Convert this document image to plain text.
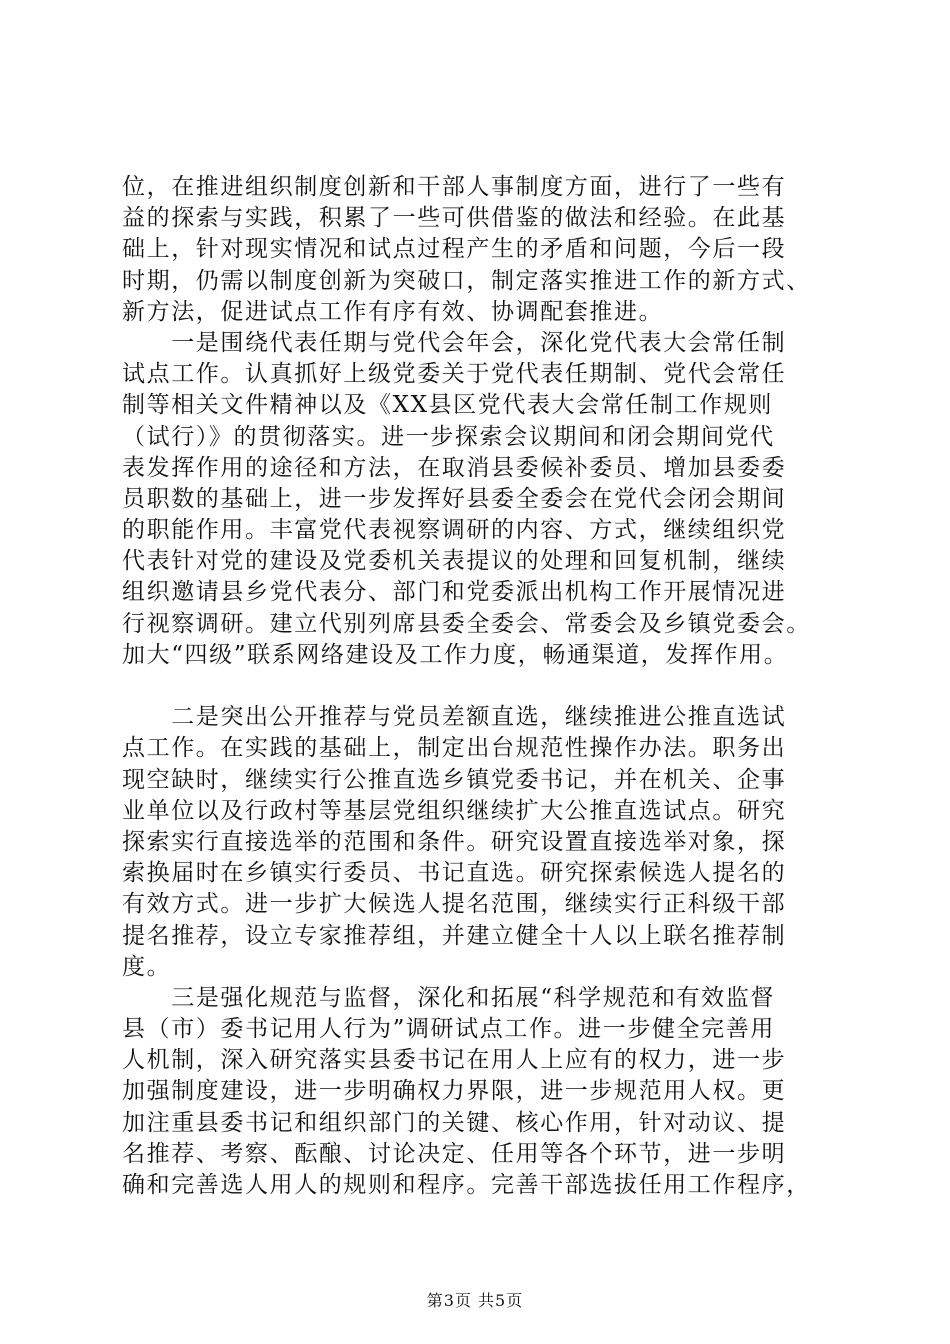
位，在推进组织制度创新和干部人事制度方面，进行了一些有
益的探索与实践，积累了一些可供借鉴的做法和经验。在此基
础上，针对现实情况和试点过程产生的矛盾和问题，今后一段
时期，仍需以制度创新为突破口，制定落实推进工作的新方式、
新方法，促进试点工作有序有效、协调配套推进。
　　一是围绕代表任期与党代会年会，深化党代表大会常任制
试点工作。认真抓好上级党委关于党代表任期制、党代会常任
制等相关文件精神以及《XX县区党代表大会常任制工作规则
（试行）》的贯彻落实。进一步探索会议期间和闭会期间党代
表发挥作用的途径和方法，在取消县委候补委员、增加县委委
员职数的基础上，进一步发挥好县委全委会在党代会闭会期间
的职能作用。丰富党代表视察调研的内容、方式，继续组织党
代表针对党的建设及党委机关表提议的处理和回复机制，继续
组织邀请县乡党代表分、部门和党委派出机构工作开展情况进
行视察调研。建立代别列席县委全委会、常委会及乡镇党委会。
加大“四级”联系网络建设及工作力度，畅通渠道，发挥作用。
　　二是突出公开推荐与党员差额直选，继续推进公推直选试
点工作。在实践的基础上，制定出台规范性操作办法。职务出
现空缺时，继续实行公推直选乡镇党委书记，并在机关、企事
业单位以及行政村等基层党组织继续扩大公推直选试点。研究
探索实行直接选举的范围和条件。研究设置直接选举对象，探
索换届时在乡镇实行委员、书记直选。研究探索候选人提名的
有效方式。进一步扩大候选人提名范围，继续实行正科级干部
提名推荐，设立专家推荐组，并建立健全十人以上联名推荐制
度。
　　三是强化规范与监督，深化和拓展“科学规范和有效监督
县（市）委书记用人行为”调研试点工作。进一步健全完善用
人机制，深入研究落实县委书记在用人上应有的权力，进一步
加强制度建设，进一步明确权力界限，进一步规范用人权。更
加注重县委书记和组织部门的关键、核心作用，针对动议、提
名推荐、考察、酝酿、讨论决定、任用等各个环节，进一步明
确和完善选人用人的规则和程序。完善干部选拔任用工作程序，
第3页 共5页
